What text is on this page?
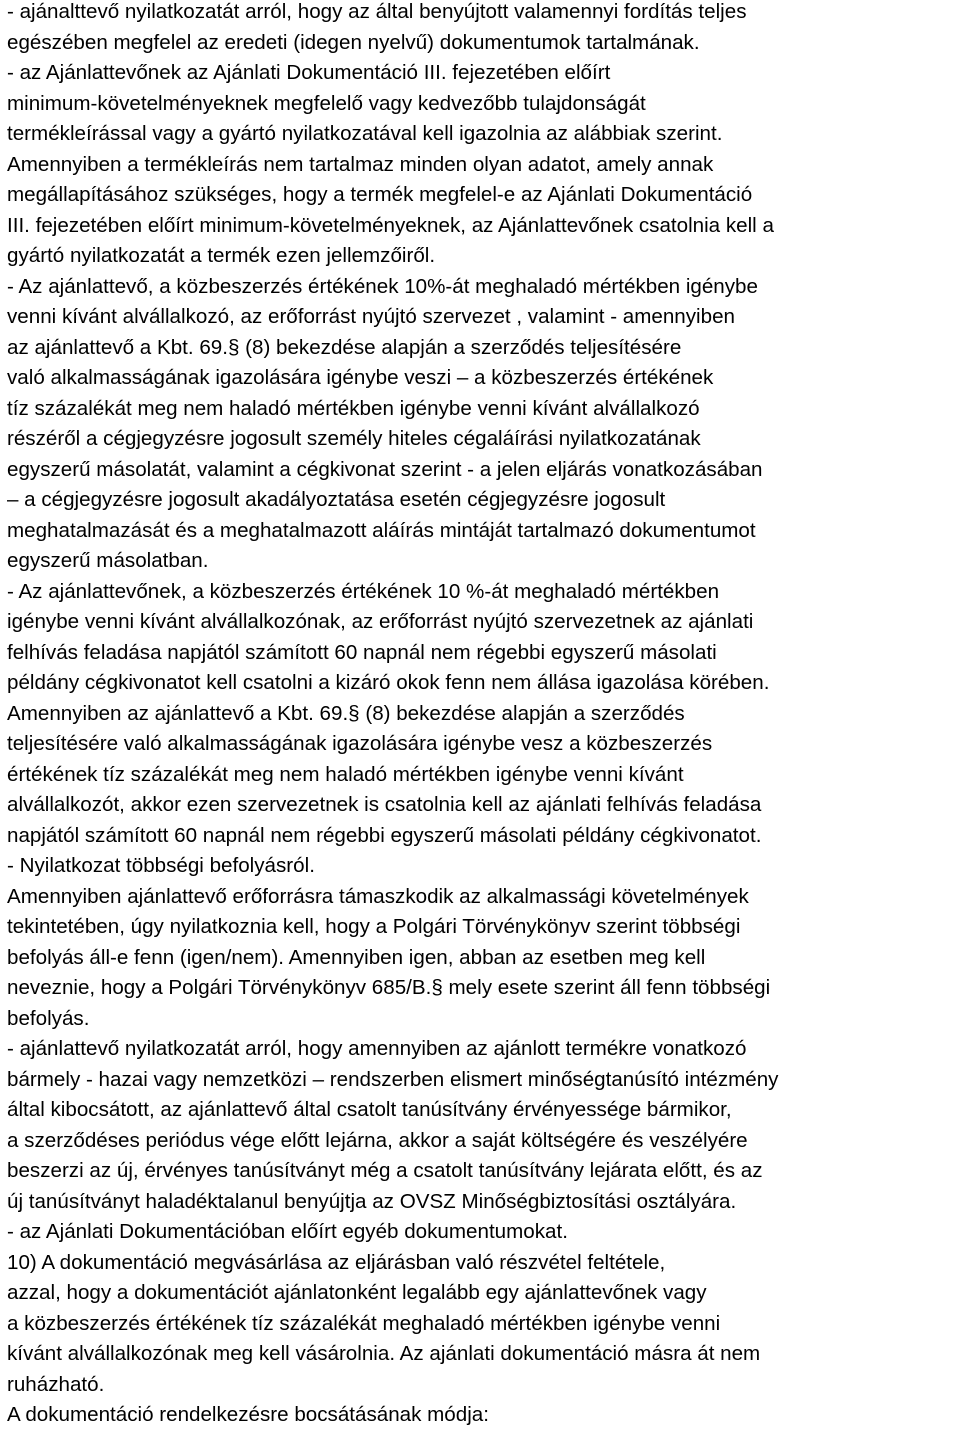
- ajánalttevő nyilatkozatát arról, hogy az által benyújtott valamennyi fordítás teljes
egészében megfelel az eredeti (idegen nyelvű) dokumentumok tartalmának.
- az Ajánlattevőnek az Ajánlati Dokumentáció III. fejezetében előírt
minimum-követelményeknek megfelelő vagy kedvezőbb tulajdonságát
termékleírással vagy a gyártó nyilatkozatával kell igazolnia az alábbiak szerint.
Amennyiben a termékleírás nem tartalmaz minden olyan adatot, amely annak
megállapításához szükséges, hogy a termék megfelel-e az Ajánlati Dokumentáció
III. fejezetében előírt minimum-követelményeknek, az Ajánlattevőnek csatolnia kell a
gyártó nyilatkozatát a termék ezen jellemzőiről.
- Az ajánlattevő, a közbeszerzés értékének 10%-át meghaladó mértékben igénybe
venni kívánt alvállalkozó, az erőforrást nyújtó szervezet , valamint - amennyiben
az ajánlattevő a Kbt. 69.§ (8) bekezdése alapján a szerződés teljesítésére
való alkalmasságának igazolására igénybe veszi – a közbeszerzés értékének
tíz százalékát meg nem haladó mértékben igénybe venni kívánt alvállalkozó
részéről a cégjegyzésre jogosult személy hiteles cégaláírási nyilatkozatának
egyszerű másolatát, valamint a cégkivonat szerint - a jelen eljárás vonatkozásában
– a cégjegyzésre jogosult akadályoztatása esetén cégjegyzésre jogosult
meghatalmazását és a meghatalmazott aláírás mintáját tartalmazó dokumentumot
egyszerű másolatban.
- Az ajánlattevőnek, a közbeszerzés értékének 10 %-át meghaladó mértékben
igénybe venni kívánt alvállalkozónak, az erőforrást nyújtó szervezetnek az ajánlati
felhívás feladása napjától számított 60 napnál nem régebbi egyszerű másolati
példány cégkivonatot kell csatolni a kizáró okok fenn nem állása igazolása körében.
Amennyiben az ajánlattevő a Kbt. 69.§ (8) bekezdése alapján a szerződés
teljesítésére való alkalmasságának igazolására igénybe vesz a közbeszerzés
értékének tíz százalékát meg nem haladó mértékben igénybe venni kívánt
alvállalkozót, akkor ezen szervezetnek is csatolnia kell az ajánlati felhívás feladása
napjától számított 60 napnál nem régebbi egyszerű másolati példány cégkivonatot.
- Nyilatkozat többségi befolyásról.
Amennyiben ajánlattevő erőforrásra támaszkodik az alkalmassági követelmények
tekintetében, úgy nyilatkoznia kell, hogy a Polgári Törvénykönyv szerint többségi
befolyás áll-e fenn (igen/nem). Amennyiben igen, abban az esetben meg kell
neveznie, hogy a Polgári Törvénykönyv 685/B.§ mely esete szerint áll fenn többségi
befolyás.
- ajánlattevő nyilatkozatát arról, hogy amennyiben az ajánlott termékre vonatkozó
bármely - hazai vagy nemzetközi – rendszerben elismert minőségtanúsító intézmény
által kibocsátott, az ajánlattevő által csatolt tanúsítvány érvényessége bármikor,
a szerződéses periódus vége előtt lejárna, akkor a saját költségére és veszélyére
beszerzi az új, érvényes tanúsítványt még a csatolt tanúsítvány lejárata előtt, és az
új tanúsítványt haladéktalanul benyújtja az OVSZ Minőségbiztosítási osztályára.
- az Ajánlati Dokumentációban előírt egyéb dokumentumokat.
10) A dokumentáció megvásárlása az eljárásban való részvétel feltétele,
azzal, hogy a dokumentációt ajánlatonként legalább egy ajánlattevőnek vagy
a közbeszerzés értékének tíz százalékát meghaladó mértékben igénybe venni
kívánt alvállalkozónak meg kell vásárolnia. Az ajánlati dokumentáció másra át nem
ruházható.
A dokumentáció rendelkezésre bocsátásának módja:
